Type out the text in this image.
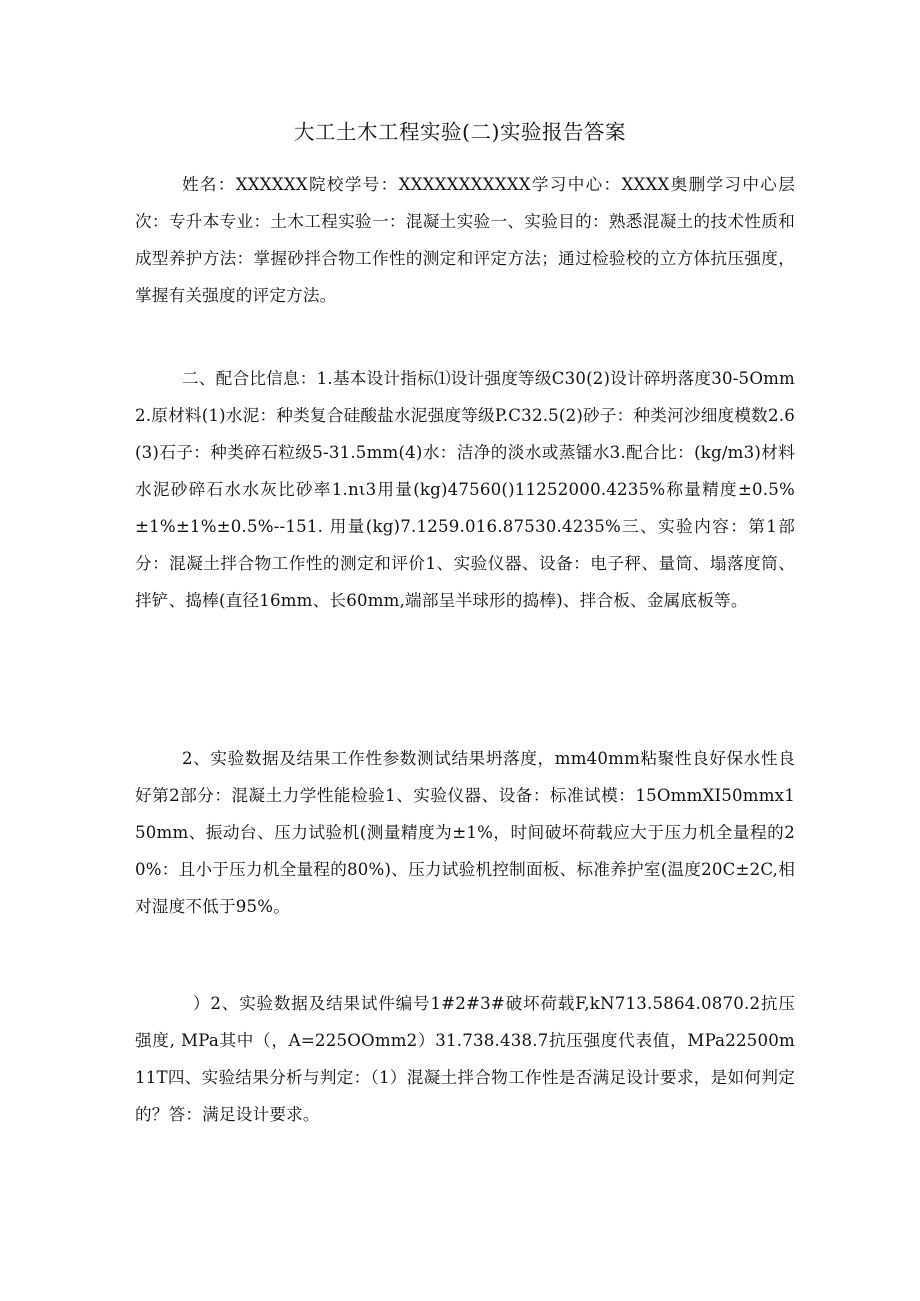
大工土木工程实验(二)实验报告答案

姓名：XXXXXX院校学号：XXXXXXXXXXX学习中心：XXXX奥删学习中心层次：专升本专业：土木工程实验一：混凝土实验一、实验目的：熟悉混凝土的技术性质和成型养护方法：掌握砂拌合物工作性的测定和评定方法；通过检验校的立方体抗压强度，掌握有关强度的评定方法。

二、配合比信息：1.基本设计指标⑴设计强度等级C30(2)设计碎坍落度30-5Omm2.原材料(1)水泥：种类复合硅酸盐水泥强度等级P.C32.5(2)砂子：种类河沙细度模数2.6(3)石子：种类碎石粒级5-31.5mm(4)水：洁净的淡水或蒸镭水3.配合比：(kg∕m3)材料水泥砂碎石水水灰比砂率1.nι3用量(kg)47560()11252000.4235%称量精度±0.5%±1%±1%±0.5%--151. 用量(kg)7.1259.016.87530.4235%三、实验内容：第1部分：混凝土拌合物工作性的测定和评价1、实验仪器、设备：电子秤、量筒、塌落度筒、拌铲、捣棒(直径16mm、长60mm,端部呈半球形的捣棒)、拌合板、金属底板等。

2、实验数据及结果工作性参数测试结果坍落度，mm40mm粘聚性良好保水性良好第2部分：混凝土力学性能检验1、实验仪器、设备：标准试模：15OmmXI50mmx150mm、振动台、压力试验机(测量精度为±1%，时间破坏荷载应大于压力机全量程的20%：且小于压力机全量程的80%)、压力试验机控制面板、标准养护室(温度20C±2C,相对湿度不低于95%。

）2、实验数据及结果试件编号1#2#3#破坏荷载F,kN713.5864.0870.2抗压强度, MPa其中（，A=225OOmm2）31.738.438.7抗压强度代表值，MPa22500m11T四、实验结果分析与判定：（1）混凝土拌合物工作性是否满足设计要求，是如何判定的？答：满足设计要求。
